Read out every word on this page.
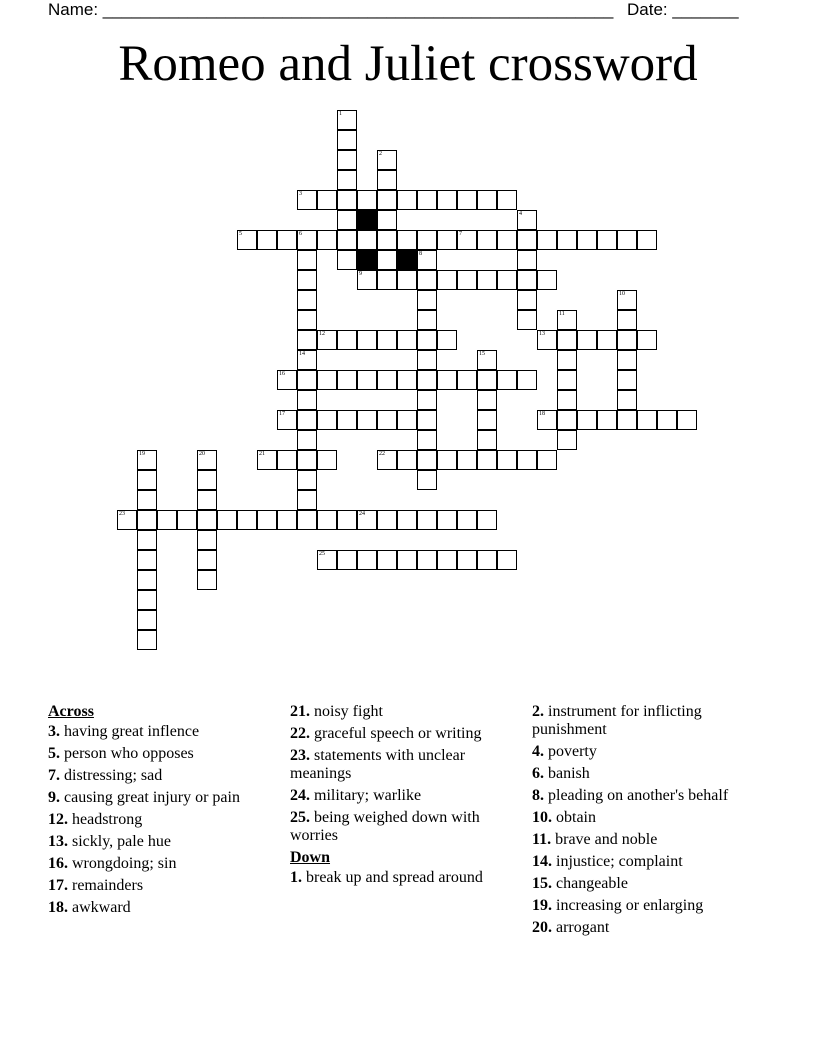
Name: ______________________________________________________ Date: _______
Romeo and Juliet crossword
3
5	6	7
9
12	13
16
17	18
21	22
23	24
25
1
2
4
14
8
10
11
15
19	20
Across
3. having great inflence
5. person who opposes
7. distressing; sad
9. causing great injury or pain
12. headstrong
13. sickly, pale hue
16. wrongdoing; sin
17. remainders
18. awkward
21. noisy fight
22. graceful speech or writing
23. statements with unclear meanings
24. military; warlike
25. being weighed down with worries
Down
1. break up and spread around
2. instrument for inflicting punishment
4. poverty
6. banish
8. pleading on another's behalf
10. obtain
11. brave and noble
14. injustice; complaint
15. changeable
19. increasing or enlarging
20. arrogant
